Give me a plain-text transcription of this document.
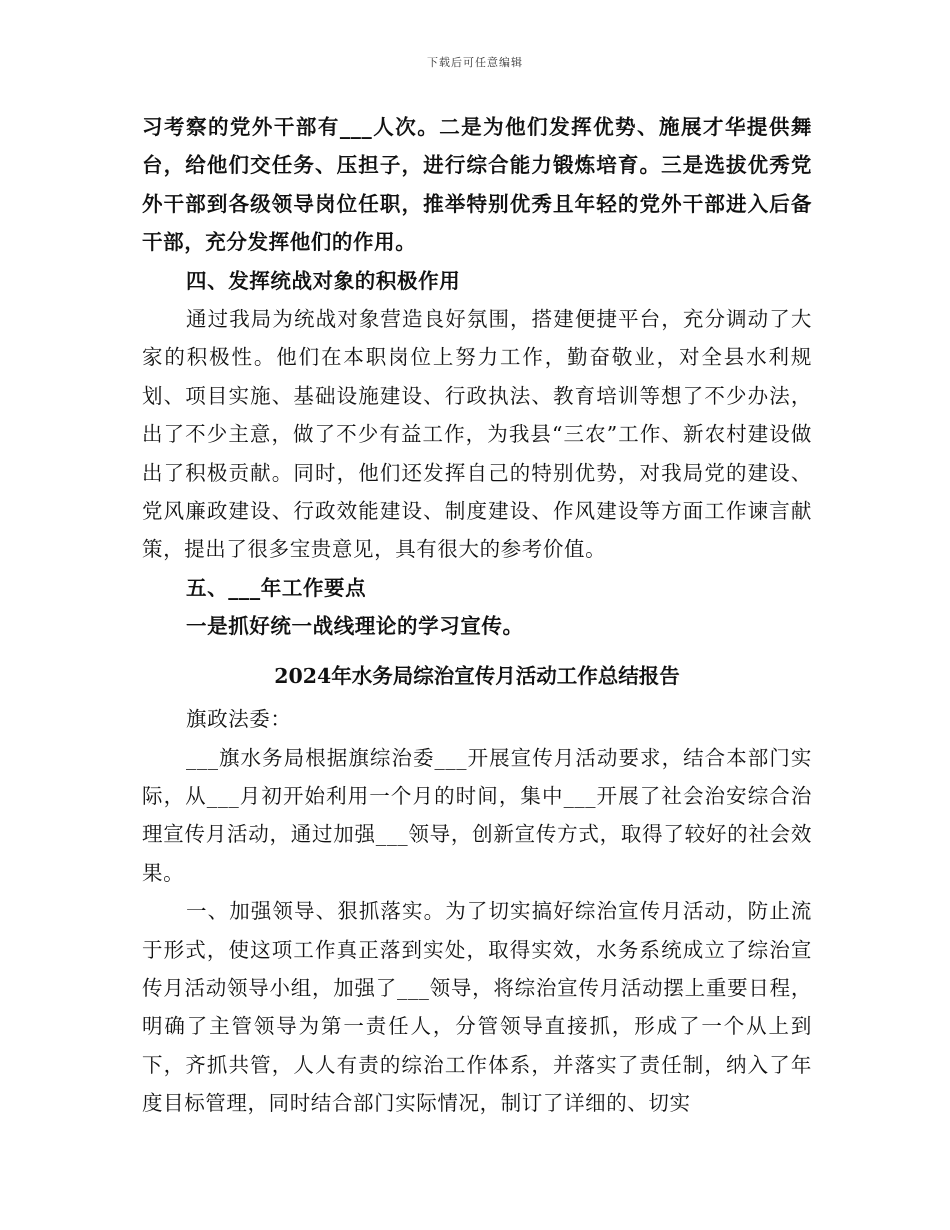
下载后可任意编辑

习考察的党外干部有___人次。二是为他们发挥优势、施展才华提供舞台，给他们交任务、压担子，进行综合能力锻炼培育。三是选拔优秀党外干部到各级领导岗位任职，推举特别优秀且年轻的党外干部进入后备干部，充分发挥他们的作用。

四、发挥统战对象的积极作用

通过我局为统战对象营造良好氛围，搭建便捷平台，充分调动了大家的积极性。他们在本职岗位上努力工作，勤奋敬业，对全县水利规划、项目实施、基础设施建设、行政执法、教育培训等想了不少办法，出了不少主意，做了不少有益工作，为我县“三农”工作、新农村建设做出了积极贡献。同时，他们还发挥自己的特别优势，对我局党的建设、党风廉政建设、行政效能建设、制度建设、作风建设等方面工作谏言献策，提出了很多宝贵意见，具有很大的参考价值。

五、___年工作要点

一是抓好统一战线理论的学习宣传。

2024年水务局综治宣传月活动工作总结报告

旗政法委：

___旗水务局根据旗综治委___开展宣传月活动要求，结合本部门实际，从___月初开始利用一个月的时间，集中___开展了社会治安综合治理宣传月活动，通过加强___领导，创新宣传方式，取得了较好的社会效果。

一、加强领导、狠抓落实。为了切实搞好综治宣传月活动，防止流于形式，使这项工作真正落到实处，取得实效，水务系统成立了综治宣传月活动领导小组，加强了___领导，将综治宣传月活动摆上重要日程，明确了主管领导为第一责任人，分管领导直接抓，形成了一个从上到下，齐抓共管，人人有责的综治工作体系，并落实了责任制，纳入了年度目标管理，同时结合部门实际情况，制订了详细的、切实
